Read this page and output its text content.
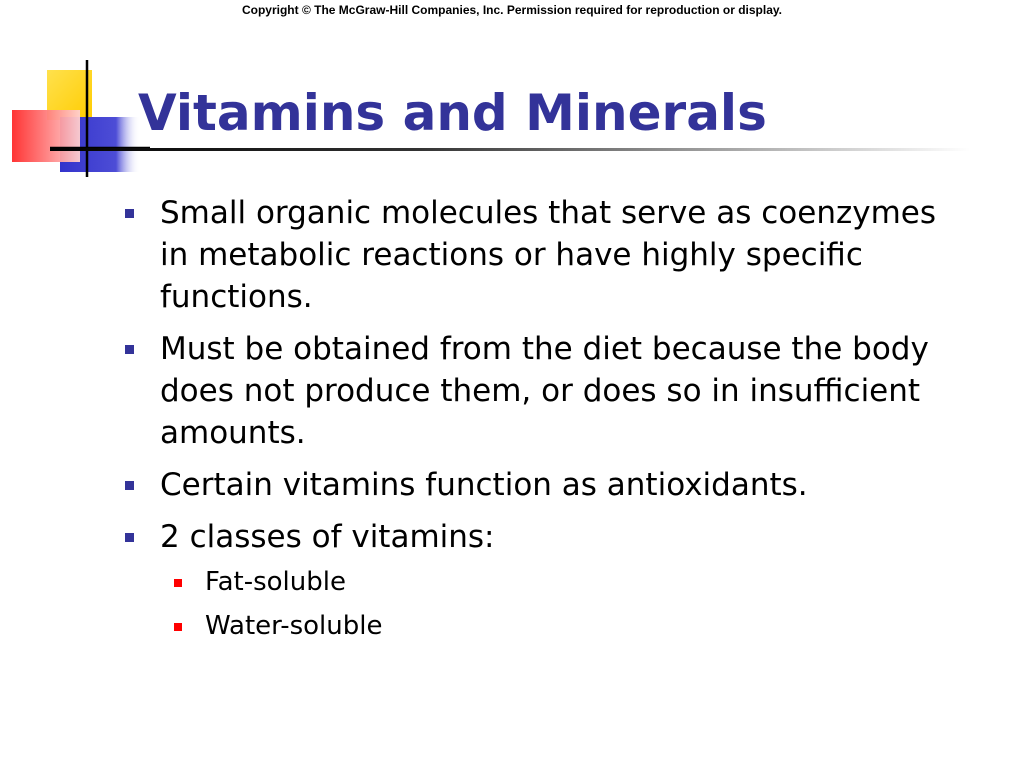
Copyright © The McGraw-Hill Companies, Inc. Permission required for reproduction or display.
Vitamins and Minerals
Small organic molecules that serve as coenzymes in metabolic reactions or have highly specific functions.
Must be obtained from the diet because the body does not produce them, or does so in insufficient amounts.
Certain vitamins function as antioxidants.
2 classes of vitamins:
Fat-soluble
Water-soluble
